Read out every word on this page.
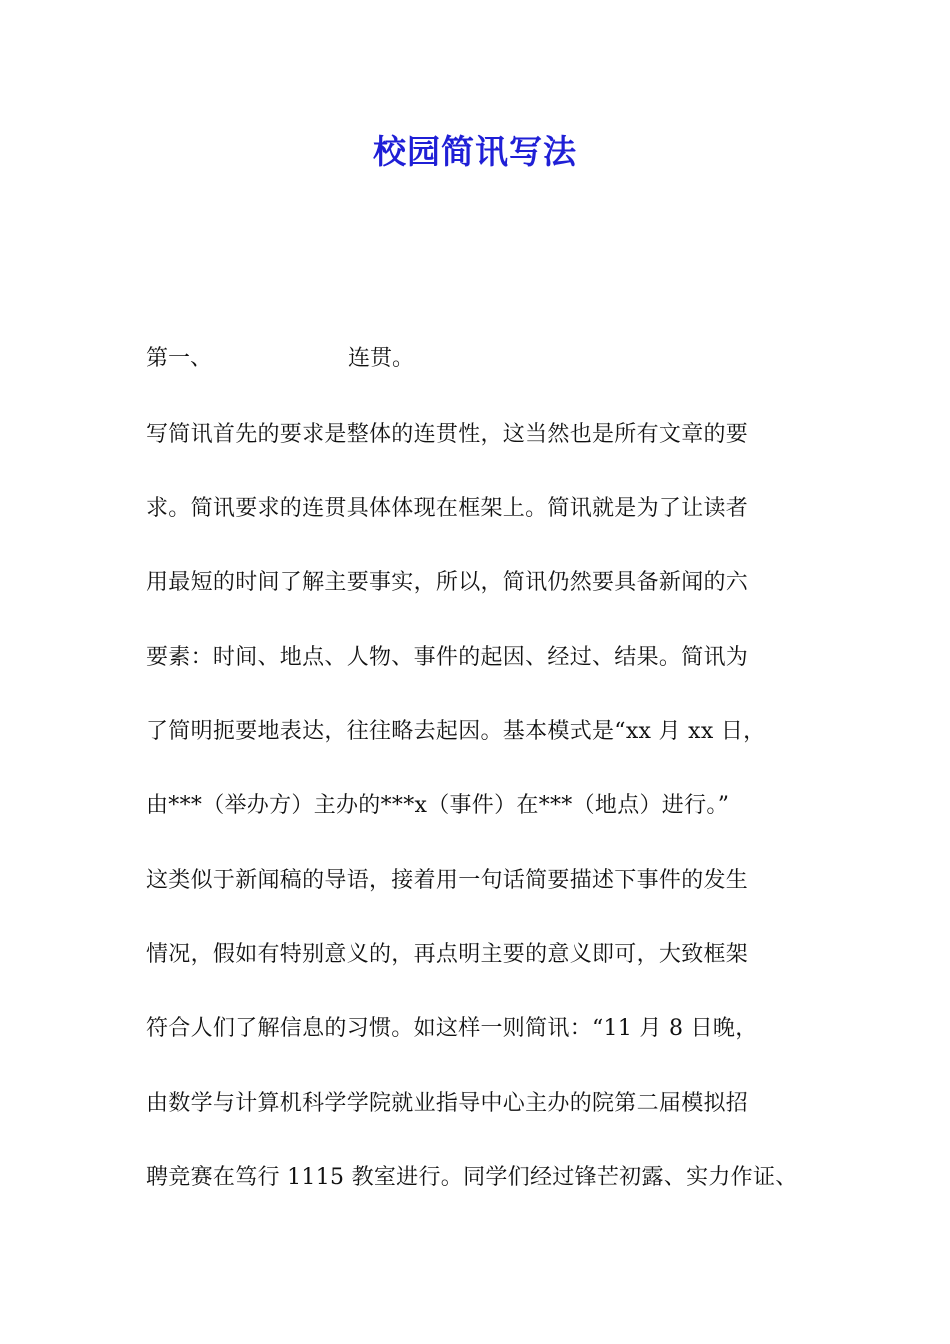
校园简讯写法
第一、	连贯。
写简讯首先的要求是整体的连贯性，这当然也是所有文章的要
求。简讯要求的连贯具体体现在框架上。简讯就是为了让读者
用最短的时间了解主要事实，所以，简讯仍然要具备新闻的六
要素：时间、地点、人物、事件的起因、经过、结果。简讯为
了简明扼要地表达，往往略去起因。基本模式是“xx 月 xx 日，
由***（举办方）主办的***x（事件）在***（地点）进行。”
这类似于新闻稿的导语，接着用一句话简要描述下事件的发生
情况，假如有特别意义的，再点明主要的意义即可，大致框架
符合人们了解信息的习惯。如这样一则简讯：“11 月 8 日晚，
由数学与计算机科学学院就业指导中心主办的院第二届模拟招
聘竞赛在笃行 1115 教室进行。同学们经过锋芒初露、实力作证、
